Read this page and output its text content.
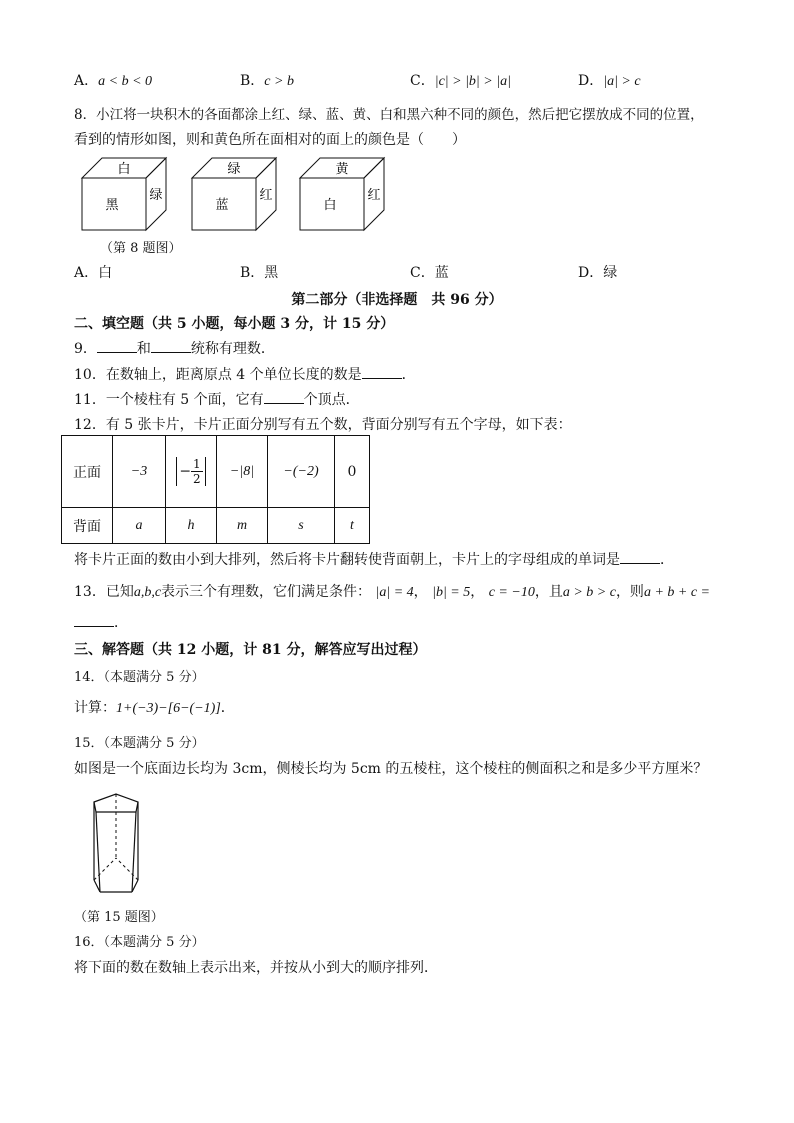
A．a < b < 0	B．c > b	C．|c| > |b| > |a|	D．|a| > c
8．小江将一块积木的各面都涂上红、绿、蓝、黄、白和黑六种不同的颜色，然后把它摆放成不同的位置，
看到的情形如图，则和黄色所在面相对的面上的颜色是（　　）
白
黑
绿
绿
蓝
红
黄
白
红
（第 8 题图）
A．白	B．黑	C．蓝	D．绿
第二部分（非选择题　共 96 分）
二、填空题（共 5 小题，每小题 3 分，计 15 分）
9．	和	统称有理数．
10．在数轴上，距离原点 4 个单位长度的数是	．
11．一个棱柱有 5 个面，它有	个顶点．
12．有 5 张卡片，卡片正面分别写有五个数，背面分别写有五个字母，如下表：
正面	−3	− $\frac{1}{2}$	−|8|	−(−2)	0
背面	a	h	m	s	t
将卡片正面的数由小到大排列，然后将卡片翻转使背面朝上，卡片上的字母组成的单词是	．
13．已知a,b,c表示三个有理数，它们满足条件： |a| = 4， |b| = 5， c = −10，且a > b > c，则a + b + c =
．
三、解答题（共 12 小题，计 81 分，解答应写出过程）
14．（本题满分 5 分）
计算：1+(−3)−[6−(−1)]．
15．（本题满分 5 分）
如图是一个底面边长均为 3cm，侧棱长均为 5cm 的五棱柱，这个棱柱的侧面积之和是多少平方厘米？
（第 15 题图）
16．（本题满分 5 分）
将下面的数在数轴上表示出来，并按从小到大的顺序排列．
